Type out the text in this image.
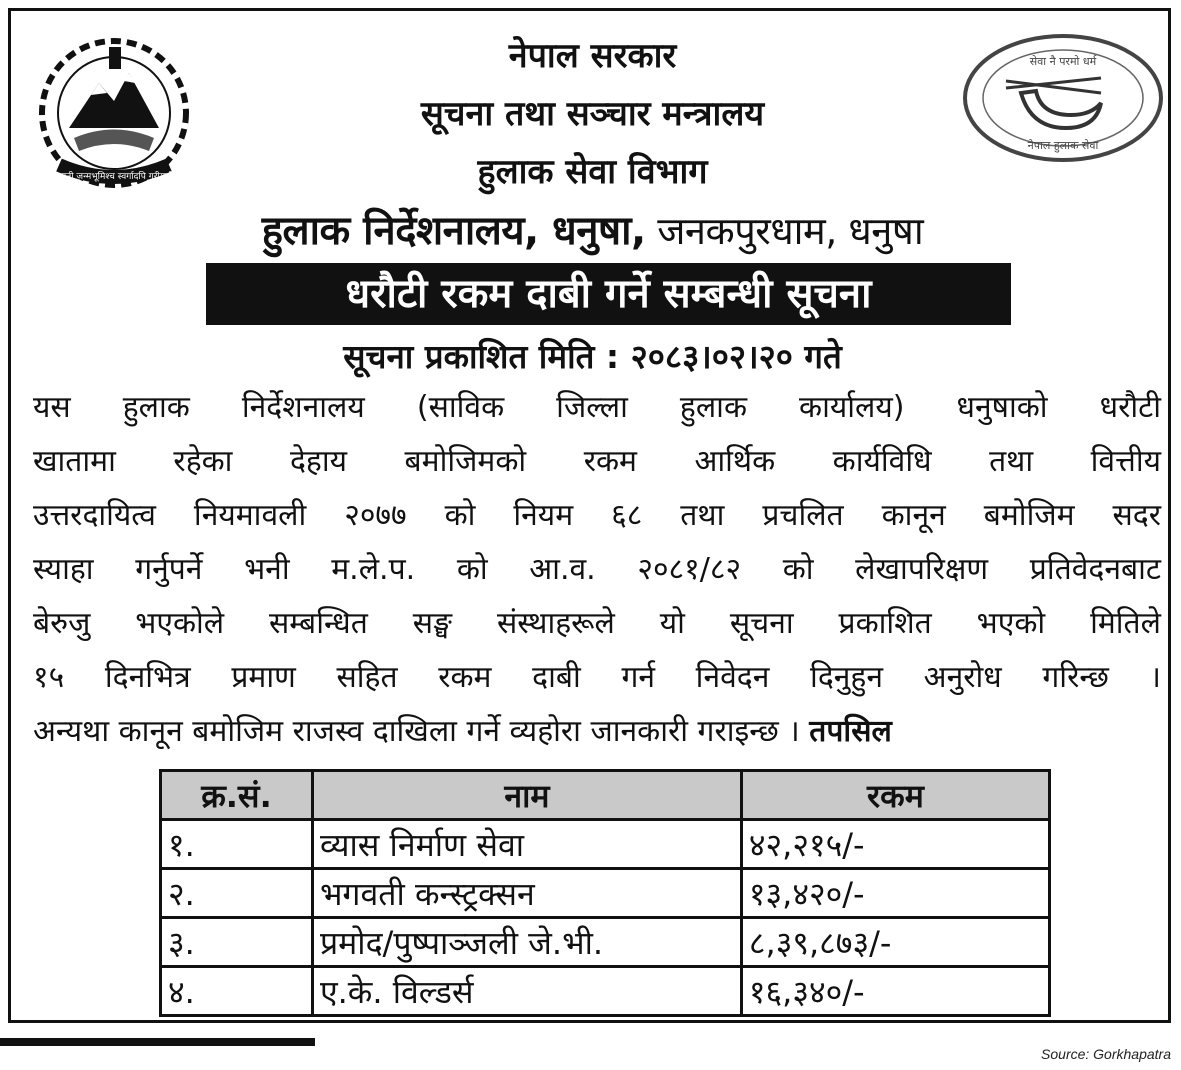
जननी जन्मभूमिश्च स्वर्गादपि गरीयसी
नेपाल सरकार
सूचना तथा सञ्चार मन्त्रालय
हुलाक सेवा विभाग
हुलाक निर्देशनालय, धनुषा, जनकपुरधाम, धनुषा
सेवा नै परमो धर्म
नेपाल हुलाक सेवा
धरौटी रकम दाबी गर्ने सम्बन्धी सूचना
सूचना प्रकाशित मिति : २०८३।०२।२० गते
यस हुलाक निर्देशनालय (साविक जिल्ला हुलाक कार्यालय) धनुषाको धरौटी
खातामा रहेका देहाय बमोजिमको रकम आर्थिक कार्यविधि तथा वित्तीय
उत्तरदायित्व नियमावली २०७७ को नियम ६८ तथा प्रचलित कानून बमोजिम सदर
स्याहा गर्नुपर्ने भनी म.ले.प. को आ.व. २०८१/८२ को लेखापरिक्षण प्रतिवेदनबाट
बेरुजु भएकोले सम्बन्धित सङ्घ संस्थाहरूले यो सूचना प्रकाशित भएको मितिले
१५ दिनभित्र प्रमाण सहित रकम दाबी गर्न निवेदन दिनुहुन अनुरोध गरिन्छ ।
अन्यथा कानून बमोजिम राजस्व दाखिला गर्ने व्यहोरा जानकारी गराइन्छ । तपसिल
क्र.सं.	नाम	रकम
१.	व्यास निर्माण सेवा	४२,२१५/-
२.	भगवती कन्स्ट्रक्सन	१३,४२०/-
३.	प्रमोद/पुष्पाञ्जली जे.भी.	८,३९,८७३/-
४.	ए.के. विल्डर्स	१६,३४०/-
Source: Gorkhapatra
